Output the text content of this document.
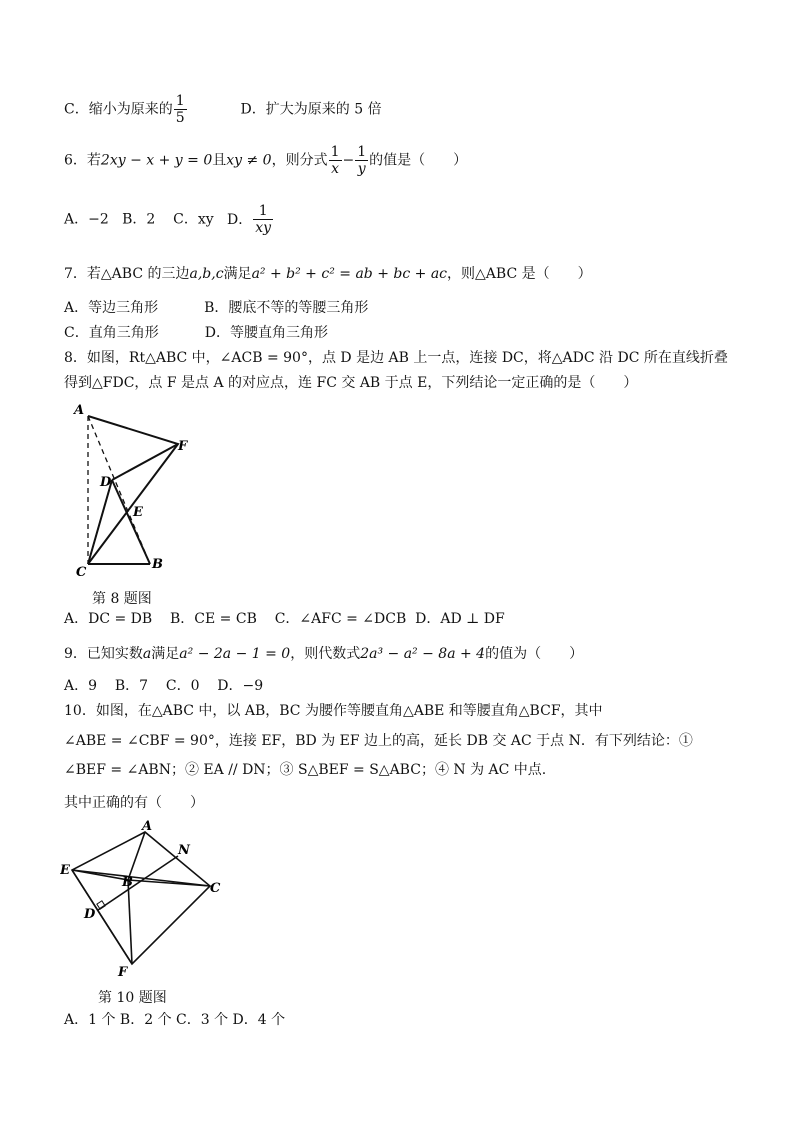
C．缩小为原来的 $\frac{1}{5}$	D．扩大为原来的 5 倍
6．若2xy − x + y = 0且xy ≠ 0，则分式 $\frac{1}{x} - \frac{1}{y}$ 的值是（　　）
A．−2 B．2 C．xy D． $\frac{1}{xy}$
7．若△ABC 的三边a,b,c满足a² + b² + c² = ab + bc + ac，则△ABC 是（　　）
A．等边三角形	B．腰底不等的等腰三角形
C．直角三角形	D．等腰直角三角形
8．如图，Rt△ABC 中，∠ACB = 90°，点 D 是边 AB 上一点，连接 DC，将△ADC 沿 DC 所在直线折叠
得到△FDC，点 F 是点 A 的对应点，连 FC 交 AB 于点 E，下列结论一定正确的是（　　）
A
F
D
E
C
B
第 8 题图
A．DC = DB B．CE = CB C．∠AFC = ∠DCB D．AD ⊥ DF
9．已知实数a满足a² − 2a − 1 = 0，则代数式2a³ − a² − 8a + 4的值为（　　）
A．9 B．7 C．0 D．−9
10．如图，在△ABC 中，以 AB，BC 为腰作等腰直角△ABE 和等腰直角△BCF，其中
∠ABE = ∠CBF = 90°，连接 EF，BD 为 EF 边上的高，延长 DB 交 AC 于点 N．有下列结论：①
∠BEF = ∠ABN；② EA // DN；③ S△BEF = S△ABC；④ N 为 AC 中点.
其中正确的有（　　）
A
N
E
B	C
D
F
第 10 题图
A．1 个 B．2 个 C．3 个 D．4 个
